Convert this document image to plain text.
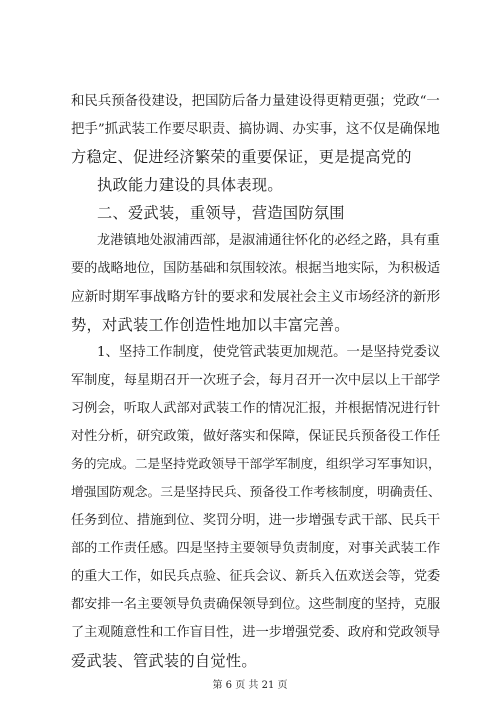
和民兵预备役建设，把国防后备力量建设得更精更强；党政“一
把手”抓武装工作要尽职责、搞协调、办实事，这不仅是确保地
方稳定、促进经济繁荣的重要保证，更是提高党的
执政能力建设的具体表现。
二、爱武装，重领导，营造国防氛围
龙港镇地处淑浦西部，是淑浦通往怀化的必经之路，具有重
要的战略地位，国防基础和氛围较浓。根据当地实际，为积极适
应新时期军事战略方针的要求和发展社会主义市场经济的新形
势，对武装工作创造性地加以丰富完善。
1、坚持工作制度，使党管武装更加规范。一是坚持党委议
军制度，每星期召开一次班子会，每月召开一次中层以上干部学
习例会，听取人武部对武装工作的情况汇报，并根据情况进行针
对性分析，研究政策，做好落实和保障，保证民兵预备役工作任
务的完成。二是坚持党政领导干部学军制度，组织学习军事知识，
增强国防观念。三是坚持民兵、预备役工作考核制度，明确责任、
任务到位、措施到位、奖罚分明，进一步增强专武干部、民兵干
部的工作责任感。四是坚持主要领导负责制度，对事关武装工作
的重大工作，如民兵点验、征兵会议、新兵入伍欢送会等，党委
都安排一名主要领导负责确保领导到位。这些制度的坚持，克服
了主观随意性和工作盲目性，进一步增强党委、政府和党政领导
爱武装、管武装的自觉性。
第 6 页 共 21 页
